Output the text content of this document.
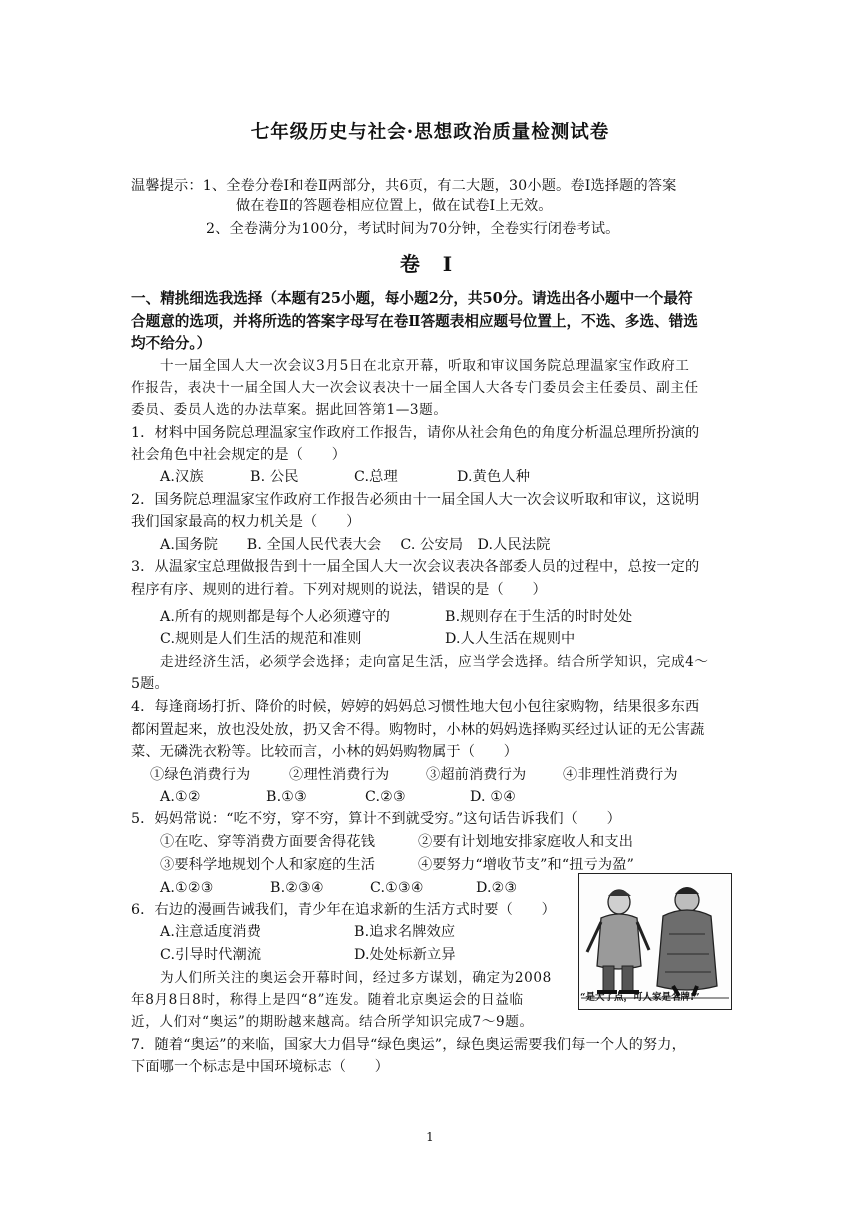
七年级历史与社会·思想政治质量检测试卷
温馨提示：1、全卷分卷Ⅰ和卷Ⅱ两部分，共6页，有二大题，30小题。卷Ⅰ选择题的答案
做在卷Ⅱ的答题卷相应位置上，做在试卷Ⅰ上无效。
2、全卷满分为100分，考试时间为70分钟，全卷实行闭卷考试。
卷 Ⅰ
一、精挑细选我选择（本题有25小题，每小题2分，共50分。请选出各小题中一个最符
合题意的选项，并将所选的答案字母写在卷Ⅱ答题表相应题号位置上，不选、多选、错选
均不给分。）
十一届全国人大一次会议3月5日在北京开幕，听取和审议国务院总理温家宝作政府工
作报告，表决十一届全国人大一次会议表决十一届全国人大各专门委员会主任委员、副主任
委员、委员人选的办法草案。据此回答第1—3题。
1．材料中国务院总理温家宝作政府工作报告，请你从社会角色的角度分析温总理所扮演的
社会角色中社会规定的是（　　）
A.汉族	B. 公民	C.总理	D.黄色人种
2．国务院总理温家宝作政府工作报告必须由十一届全国人大一次会议听取和审议，这说明
我们国家最高的权力机关是（　　）
A.国务院　　B. 全国人民代表大会　 C. 公安局　D.人民法院
3．从温家宝总理做报告到十一届全国人大一次会议表决各部委人员的过程中，总按一定的
程序有序、规则的进行着。下列对规则的说法，错误的是（　　）
A.所有的规则都是每个人必须遵守的	B.规则存在于生活的时时处处
C.规则是人们生活的规范和准则	D.人人生活在规则中
走进经济生活，必须学会选择；走向富足生活，应当学会选择。结合所学知识，完成4～
5题。
4．每逢商场打折、降价的时候，婷婷的妈妈总习惯性地大包小包往家购物，结果很多东西
都闲置起来，放也没处放，扔又舍不得。购物时，小林的妈妈选择购买经过认证的无公害蔬
菜、无磷洗衣粉等。比较而言，小林的妈妈购物属于（　　）
①绿色消费行为	②理性消费行为	③超前消费行为	④非理性消费行为
A.①②	B.①③	C.②③	D. ①④
5．妈妈常说：“吃不穷，穿不穷，算计不到就受穷。”这句话告诉我们（　　）
①在吃、穿等消费方面要舍得花钱	②要有计划地安排家庭收人和支出
③要科学地规划个人和家庭的生活	④要努力“增收节支”和“扭亏为盈”
A.①②③	B.②③④	C.①③④	D.②③
6．右边的漫画告诫我们，青少年在追求新的生活方式时要（　　）
A.注意适度消费	B.追求名牌效应
C.引导时代潮流	D.处处标新立异
“是大了点，可人家是名牌!”
为人们所关注的奥运会开幕时间，经过多方谋划，确定为2008
年8月8日8时，称得上是四“8”连发。随着北京奥运会的日益临
近，人们对“奥运”的期盼越来越高。结合所学知识完成7～9题。
7．随着“奥运”的来临，国家大力倡导“绿色奥运”，绿色奥运需要我们每一个人的努力，
下面哪一个标志是中国环境标志（　　）
1
